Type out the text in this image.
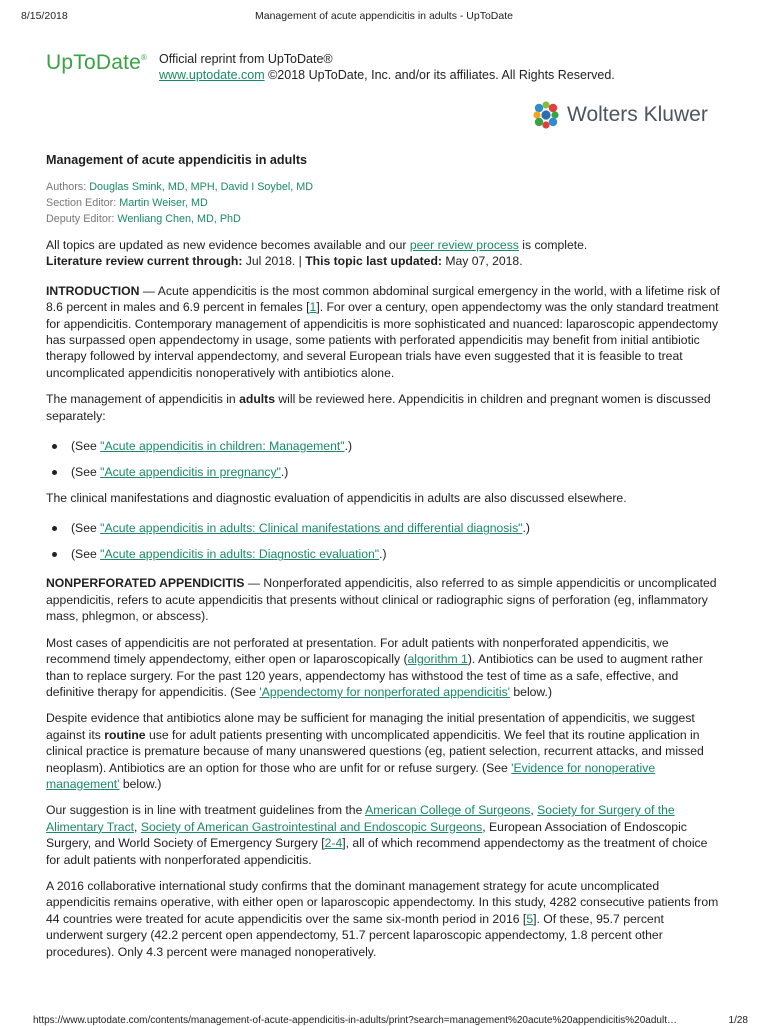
8/15/2018	Management of acute appendicitis in adults - UpToDate
UpToDate® Official reprint from UpToDate®
www.uptodate.com ©2018 UpToDate, Inc. and/or its affiliates. All Rights Reserved.
Wolters Kluwer
Management of acute appendicitis in adults
Authors: Douglas Smink, MD, MPH, David I Soybel, MD
Section Editor: Martin Weiser, MD
Deputy Editor: Wenliang Chen, MD, PhD

All topics are updated as new evidence becomes available and our peer review process is complete.

Literature review current through: Jul 2018. | This topic last updated: May 07, 2018.

INTRODUCTION — Acute appendicitis is the most common abdominal surgical emergency in the world, with a lifetime risk of 8.6 percent in males and 6.9 percent in females [1]. For over a century, open appendectomy was the only standard treatment for appendicitis. Contemporary management of appendicitis is more sophisticated and nuanced: laparoscopic appendectomy has surpassed open appendectomy in usage, some patients with perforated appendicitis may benefit from initial antibiotic therapy followed by interval appendectomy, and several European trials have even suggested that it is feasible to treat uncomplicated appendicitis nonoperatively with antibiotics alone.

The management of appendicitis in adults will be reviewed here. Appendicitis in children and pregnant women is discussed separately:

(See "Acute appendicitis in children: Management".)
(See "Acute appendicitis in pregnancy".)

The clinical manifestations and diagnostic evaluation of appendicitis in adults are also discussed elsewhere.

(See "Acute appendicitis in adults: Clinical manifestations and differential diagnosis".)
(See "Acute appendicitis in adults: Diagnostic evaluation".)

NONPERFORATED APPENDICITIS — Nonperforated appendicitis, also referred to as simple appendicitis or uncomplicated appendicitis, refers to acute appendicitis that presents without clinical or radiographic signs of perforation (eg, inflammatory mass, phlegmon, or abscess).

Most cases of appendicitis are not perforated at presentation. For adult patients with nonperforated appendicitis, we recommend timely appendectomy, either open or laparoscopically (algorithm 1). Antibiotics can be used to augment rather than to replace surgery. For the past 120 years, appendectomy has withstood the test of time as a safe, effective, and definitive therapy for appendicitis. (See 'Appendectomy for nonperforated appendicitis' below.)

Despite evidence that antibiotics alone may be sufficient for managing the initial presentation of appendicitis, we suggest against its routine use for adult patients presenting with uncomplicated appendicitis. We feel that its routine application in clinical practice is premature because of many unanswered questions (eg, patient selection, recurrent attacks, and missed neoplasm). Antibiotics are an option for those who are unfit for or refuse surgery. (See 'Evidence for nonoperative management' below.)

Our suggestion is in line with treatment guidelines from the American College of Surgeons, Society for Surgery of the Alimentary Tract, Society of American Gastrointestinal and Endoscopic Surgeons, European Association of Endoscopic Surgery, and World Society of Emergency Surgery [2-4], all of which recommend appendectomy as the treatment of choice for adult patients with nonperforated appendicitis.

A 2016 collaborative international study confirms that the dominant management strategy for acute uncomplicated appendicitis remains operative, with either open or laparoscopic appendectomy. In this study, 4282 consecutive patients from 44 countries were treated for acute appendicitis over the same six-month period in 2016 [5]. Of these, 95.7 percent underwent surgery (42.2 percent open appendectomy, 51.7 percent laparoscopic appendectomy, 1.8 percent other procedures). Only 4.3 percent were managed nonoperatively.

https://www.uptodate.com/contents/management-of-acute-appendicitis-in-adults/print?search=management%20acute%20appendicitis%20adult…	1/28
